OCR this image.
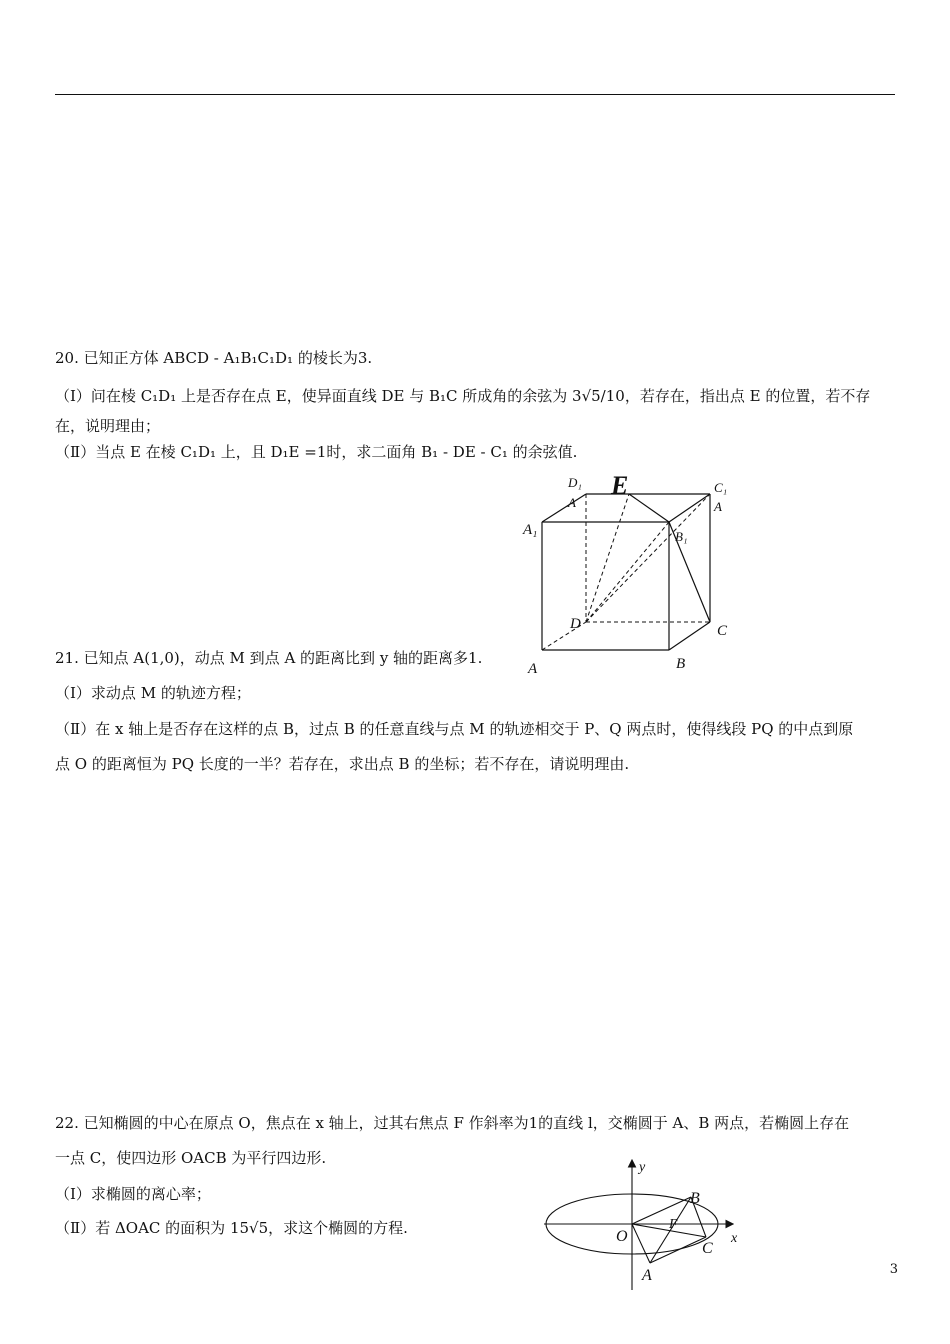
20. 已知正方体 ABCD - A₁B₁C₁D₁ 的棱长为3.
（Ⅰ）问在棱 C₁D₁ 上是否存在点 E，使异面直线 DE 与 B₁C 所成角的余弦为 3√5/10，若存在，指出点 E 的位置，若不存
在，说明理由；
（Ⅱ）当点 E 在棱 C₁D₁ 上，且 D₁E =1时，求二面角 B₁ - DE - C₁ 的余弦值.
D₁
A
E	C₁
A
A₁	B₁
D	C
A	B
21. 已知点 A(1,0)，动点 M 到点 A 的距离比到 y 轴的距离多1.
（Ⅰ）求动点 M 的轨迹方程；
（Ⅱ）在 x 轴上是否存在这样的点 B，过点 B 的任意直线与点 M 的轨迹相交于 P、Q 两点时，使得线段 PQ 的中点到原
点 O 的距离恒为 PQ 长度的一半？若存在，求出点 B 的坐标；若不存在，请说明理由.
22. 已知椭圆的中心在原点 O，焦点在 x 轴上，过其右焦点 F 作斜率为1的直线 l，交椭圆于 A、B 两点，若椭圆上存在
一点 C，使四边形 OACB 为平行四边形.
（Ⅰ）求椭圆的离心率；
（Ⅱ）若 ΔOAC 的面积为 15√5，求这个椭圆的方程.
y
x
O
B
F
C
A	3
